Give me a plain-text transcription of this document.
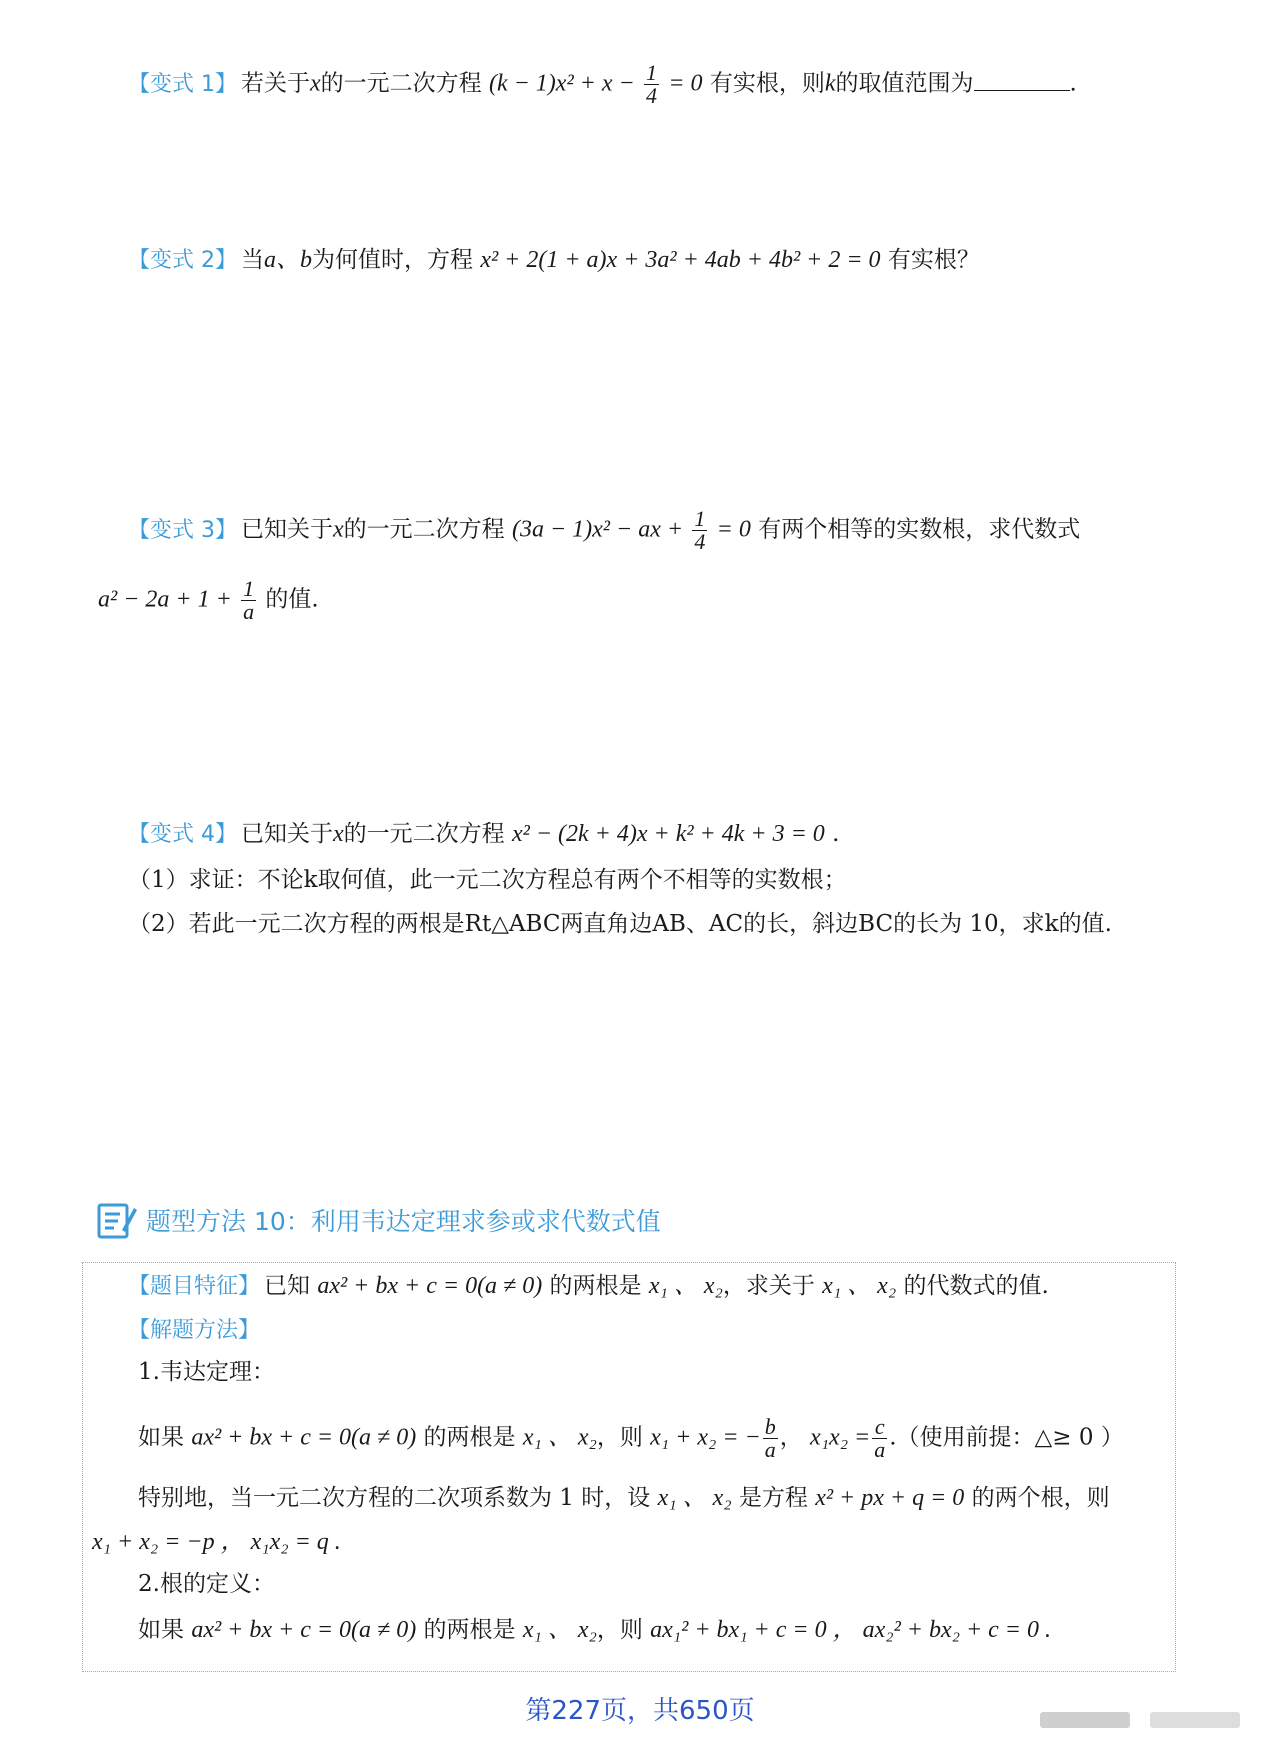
【变式 1】 若关于x的一元二次方程 $(k - 1)x^2 + x - \frac{1}{4} = 0$ 有实根，则k的取值范围为	.
【变式 2】 当a、b为何值时，方程 x² + 2(1 + a)x + 3a² + 4ab + 4b² + 2 = 0 有实根？
【变式 3】 已知关于x的一元二次方程 (3a − 1)x² − ax + $\frac{1}{4} = 0$ 有两个相等的实数根，求代数式
$a^2 - 2a + 1 + \frac{1}{a}$ 的值.
【变式 4】 已知关于x的一元二次方程 x² − (2k + 4)x + k² + 4k + 3 = 0 .
（1）求证：不论k取何值，此一元二次方程总有两个不相等的实数根；
（2）若此一元二次方程的两根是Rt△ABC两直角边AB、AC的长，斜边BC的长为 10，求k的值.
题型方法 10：利用韦达定理求参或求代数式值
【题目特征】 已知 ax² + bx + c = 0(a ≠ 0) 的两根是 x₁ 、 x₂，求关于 x₁ 、 x₂ 的代数式的值.
【解题方法】
1.韦达定理：
如果 ax² + bx + c = 0(a ≠ 0) 的两根是 x₁ 、 x₂，则 x₁ + x₂ = − $\frac{b}{a}$ ， $x_1x_2 = \frac{c}{a}$ .（使用前提：△≥ 0 ）
特别地，当一元二次方程的二次项系数为 1 时，设 x₁ 、 x₂ 是方程 x² + px + q = 0 的两个根，则
x₁ + x₂ = −p ， x₁x₂ = q .
2.根的定义：
如果 ax² + bx + c = 0(a ≠ 0) 的两根是 x₁ 、 x₂，则 ax₁² + bx₁ + c = 0 ， ax₂² + bx₂ + c = 0 .
第227页，共650页
